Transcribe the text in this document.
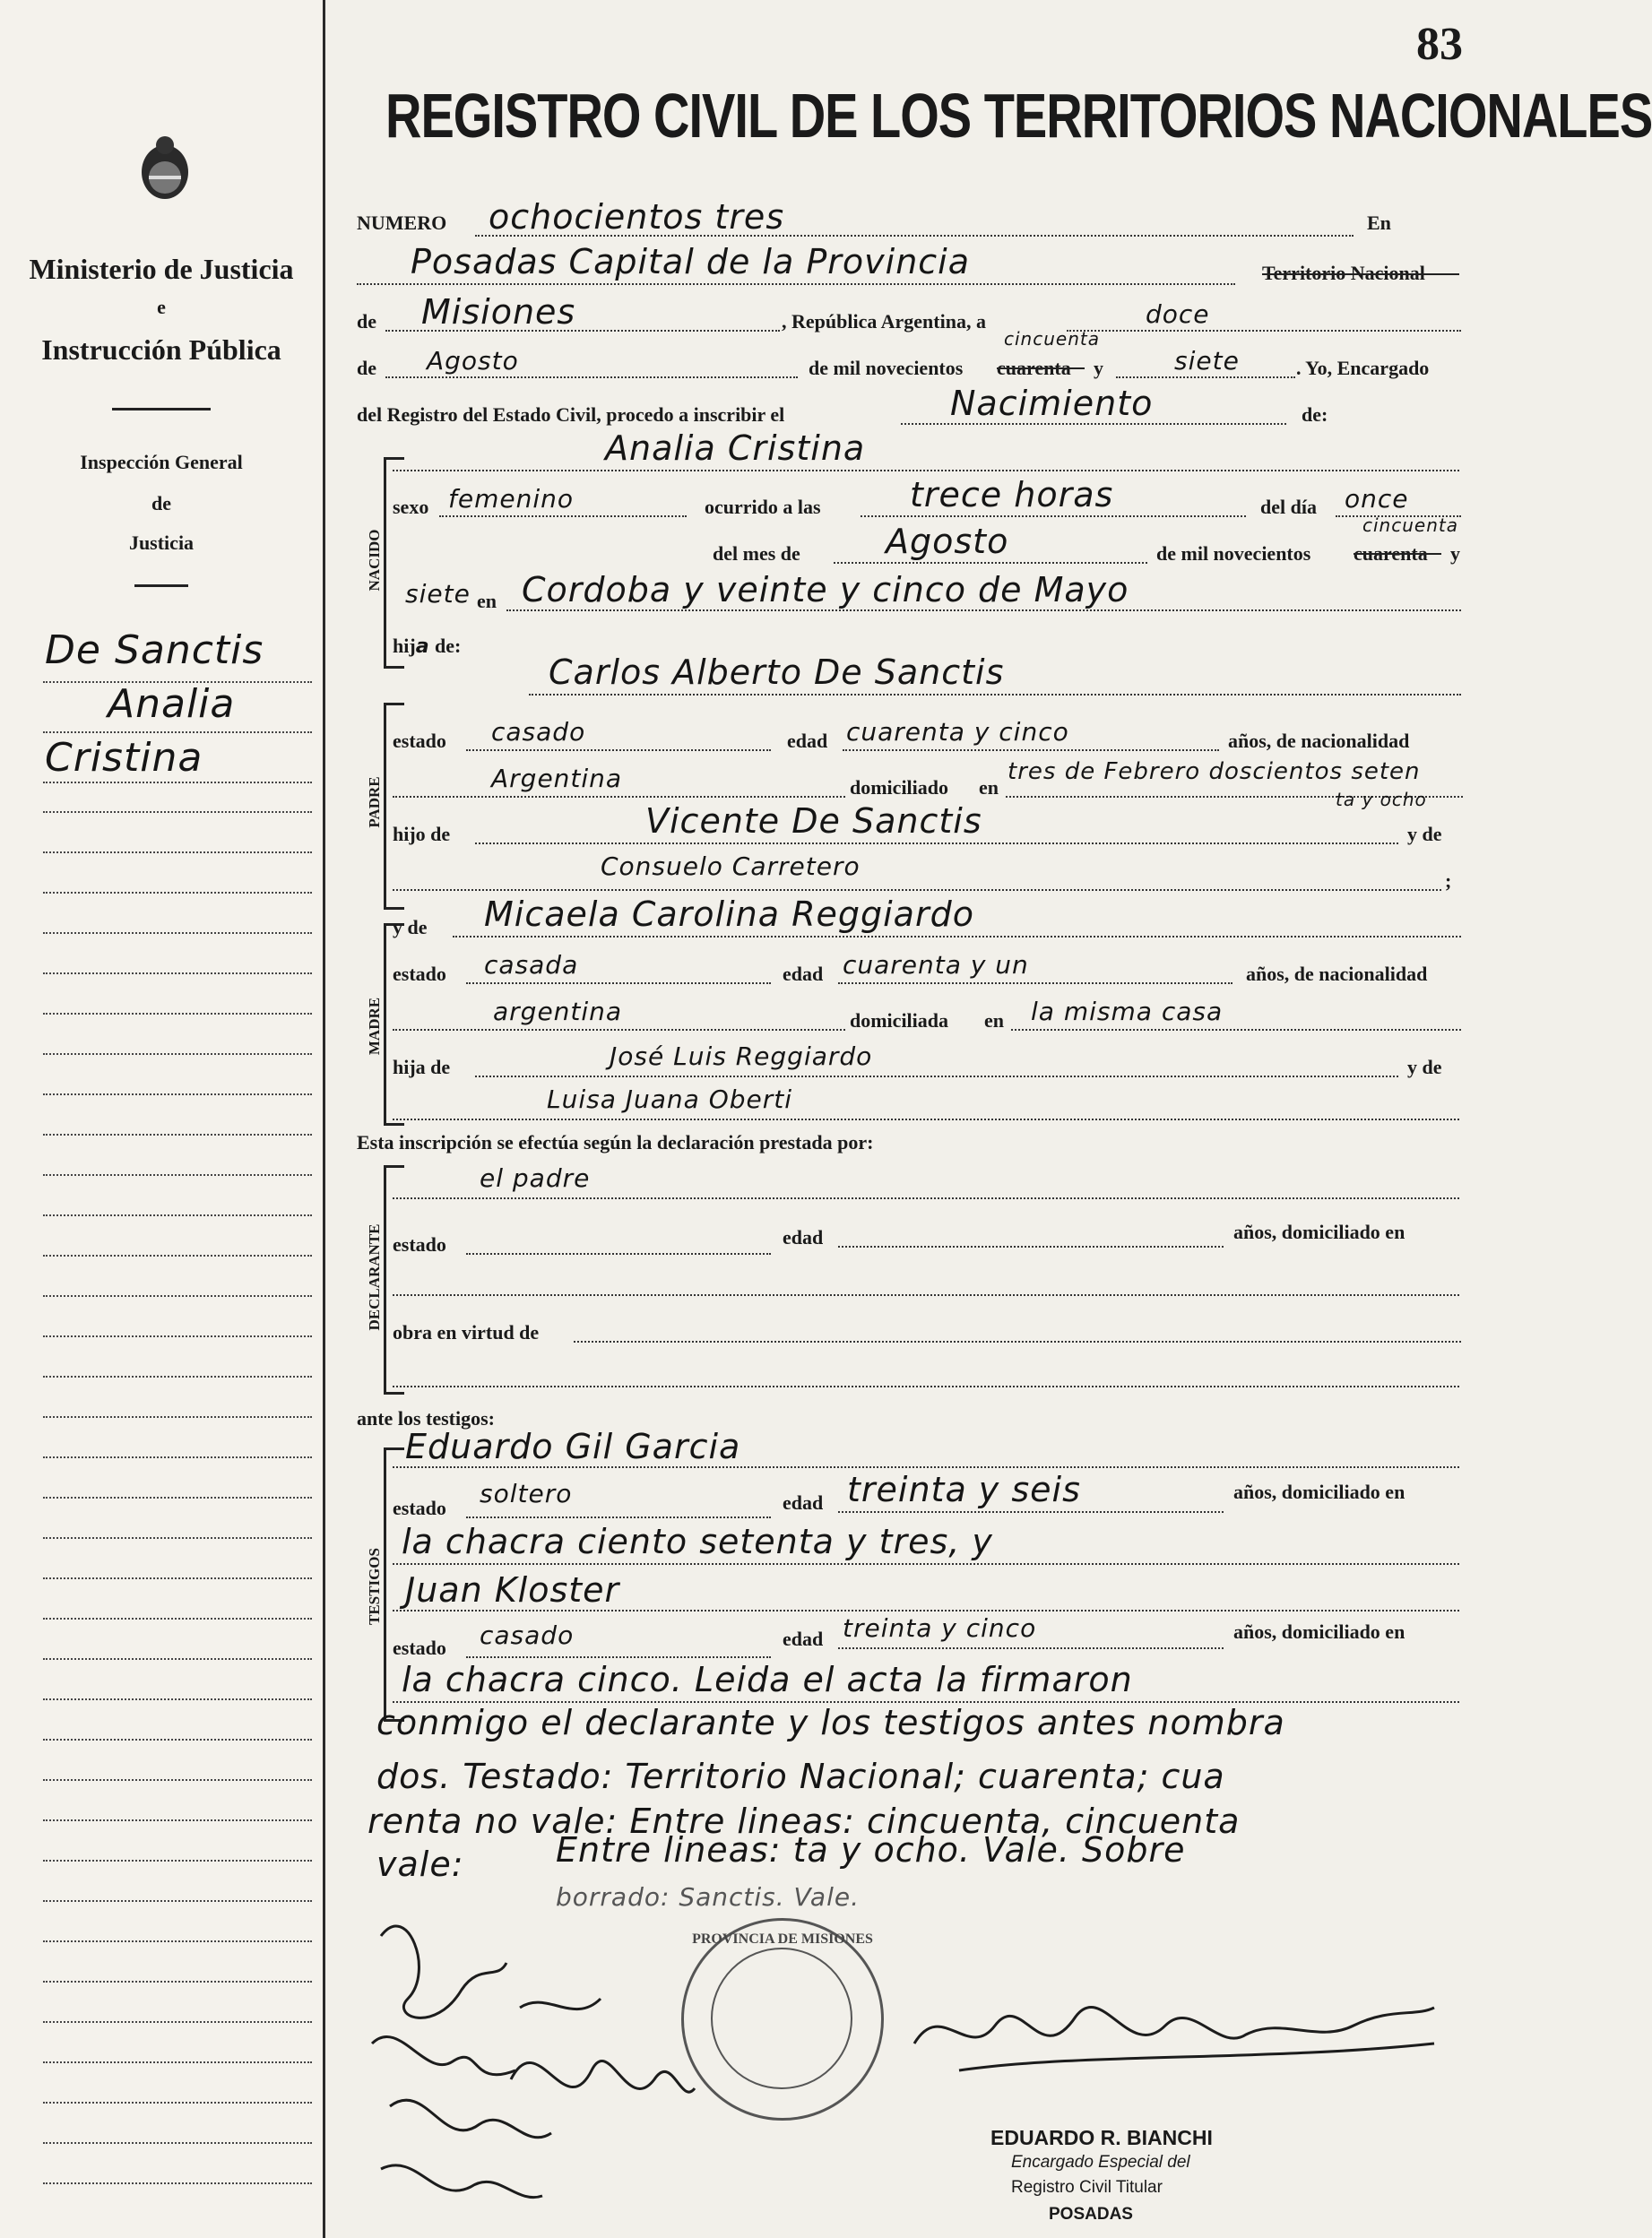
Ministerio de Justicia
e
Instrucción Pública
Inspección General
de
Justicia
De Sanctis
Analia
Cristina
83
REGISTRO CIVIL DE LOS TERRITORIOS NACIONALES
NUMERO ochocientos tres	En
Posadas Capital de la Provincia	Territorio Nacional
de Misiones	, República Argentina, a	doce
de Agosto	de mil novecientos cuarenta
cincuenta
y	siete	. Yo, Encargado
del Registro del Estado Civil, procedo a inscribir el	Nacimiento	de:
NACIDO
Analia Cristina
sexo femenino	ocurrido a las	trece horas	del día once
del mes de	Agosto	de mil novecientos cuarenta
cincuenta
y
siete en Cordoba y veinte y cinco de Mayo
hija de:
Carlos Alberto De Sanctis
PADRE
estado casado	edad cuarenta y cinco	años, de nacionalidad
Argentina	domiciliado en
tres de Febrero doscientos seten
ta y ocho
hijo de	Vicente De Sanctis	y de
Consuelo Carretero	;
MADRE
y de Micaela Carolina Reggiardo
estado casada	edad cuarenta y un	años, de nacionalidad
argentina	domiciliada en la misma casa
hija de	José Luis Reggiardo	y de
Luisa Juana Oberti
Esta inscripción se efectúa según la declaración prestada por:
DECLARANTE
el padre
estado	edad	años, domiciliado en
obra en virtud de
ante los testigos:
TESTIGOS
Eduardo Gil Garcia
estado soltero	edad treinta y seis	años, domiciliado en
la chacra ciento setenta y tres, y
Juan Kloster
estado casado	edad treinta y cinco	años, domiciliado en
la chacra cinco. Leida el acta la firmaron
conmigo el declarante y los testigos antes nombra
dos. Testado: Territorio Nacional; cuarenta; cua
renta no vale: Entre lineas: cincuenta, cincuenta
vale:	Entre lineas: ta y ocho. Vale. Sobre
borrado: Sanctis. Vale.
PROVINCIA DE MISIONES
EDUARDO R. BIANCHI
Encargado Especial del
Registro Civil Titular
POSADAS
